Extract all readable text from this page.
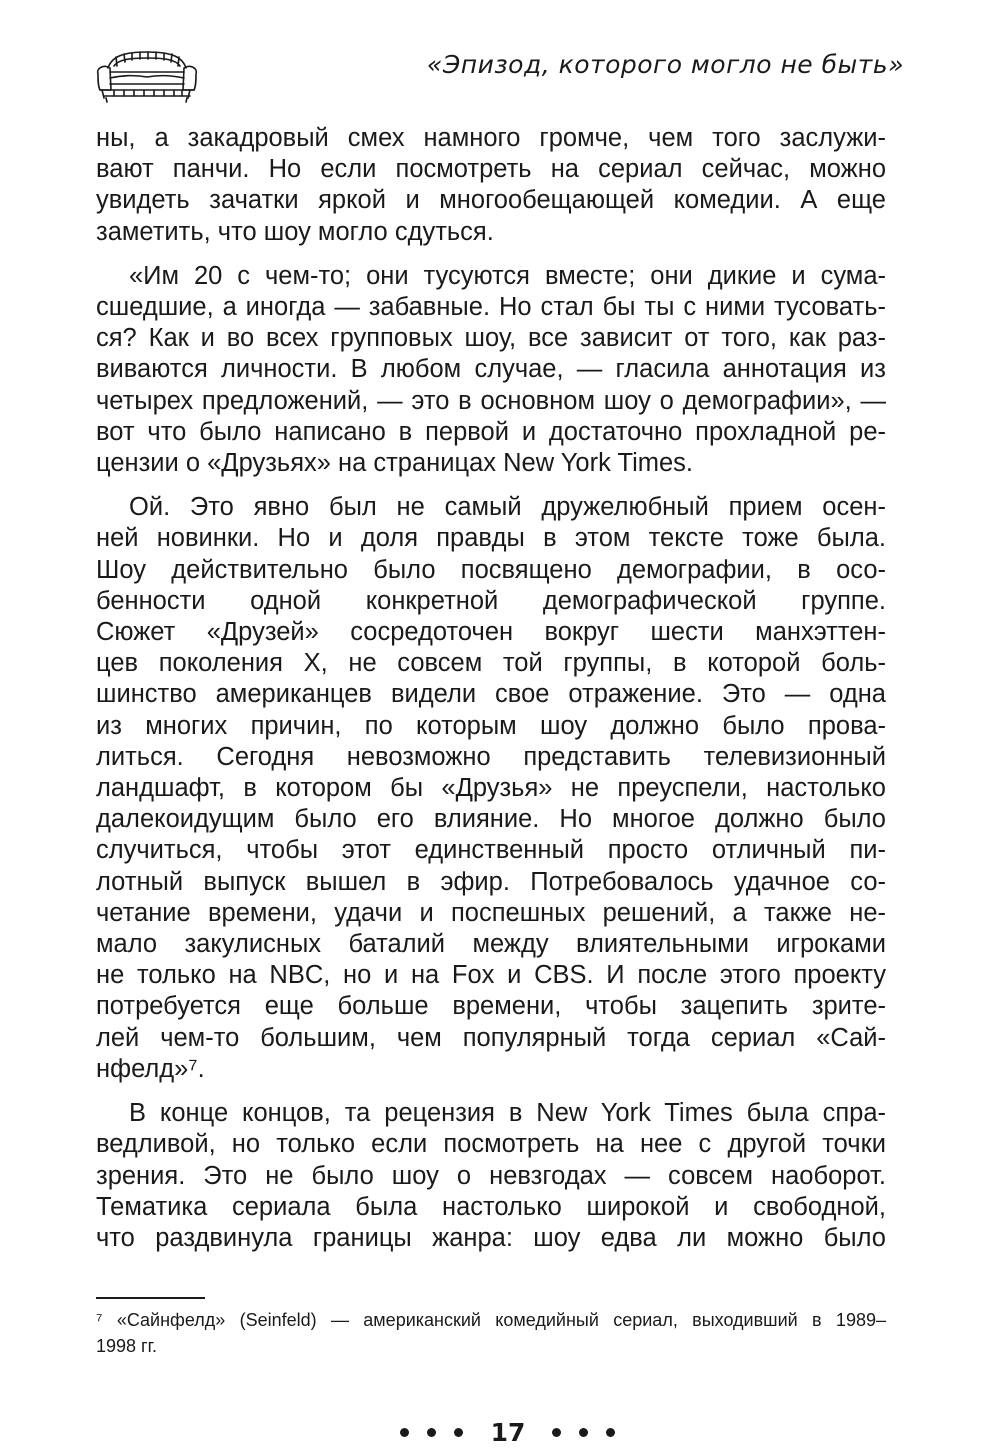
«Эпизод, которого могло не быть»
ны, а закадровый смех намного громче, чем того заслужи-
вают панчи. Но если посмотреть на сериал сейчас, можно
увидеть зачатки яркой и многообещающей комедии. А еще
заметить, что шоу могло сдуться.
«Им 20 с чем-то; они тусуются вместе; они дикие и сума-
сшедшие, а иногда — забавные. Но стал бы ты с ними тусовать-
ся? Как и во всех групповых шоу, все зависит от того, как раз-
виваются личности. В любом случае, — гласила аннотация из
четырех предложений, — это в основном шоу о демографии», —
вот что было написано в первой и достаточно прохладной ре-
цензии о «Друзьях» на страницах New York Times.
Ой. Это явно был не самый дружелюбный прием осен-
ней новинки. Но и доля правды в этом тексте тоже была.
Шоу действительно было посвящено демографии, в осо-
бенности одной конкретной демографической группе.
Сюжет «Друзей» сосредоточен вокруг шести манхэттен-
цев поколения X, не совсем той группы, в которой боль-
шинство американцев видели свое отражение. Это — одна
из многих причин, по которым шоу должно было прова-
литься. Сегодня невозможно представить телевизионный
ландшафт, в котором бы «Друзья» не преуспели, настолько
далекоидущим было его влияние. Но многое должно было
случиться, чтобы этот единственный просто отличный пи-
лотный выпуск вышел в эфир. Потребовалось удачное со-
четание времени, удачи и поспешных решений, а также не-
мало закулисных баталий между влиятельными игроками
не только на NBC, но и на Fox и CBS. И после этого проекту
потребуется еще больше времени, чтобы зацепить зрите-
лей чем-то большим, чем популярный тогда сериал «Сай-
нфелд»⁷.
В конце концов, та рецензия в New York Times была спра-
ведливой, но только если посмотреть на нее с другой точки
зрения. Это не было шоу о невзгодах — совсем наоборот.
Тематика сериала была настолько широкой и свободной,
что раздвинула границы жанра: шоу едва ли можно было
⁷ «Сайнфелд» (Seinfeld) — американский комедийный сериал, выходивший в 1989–
1998 гг.
17
